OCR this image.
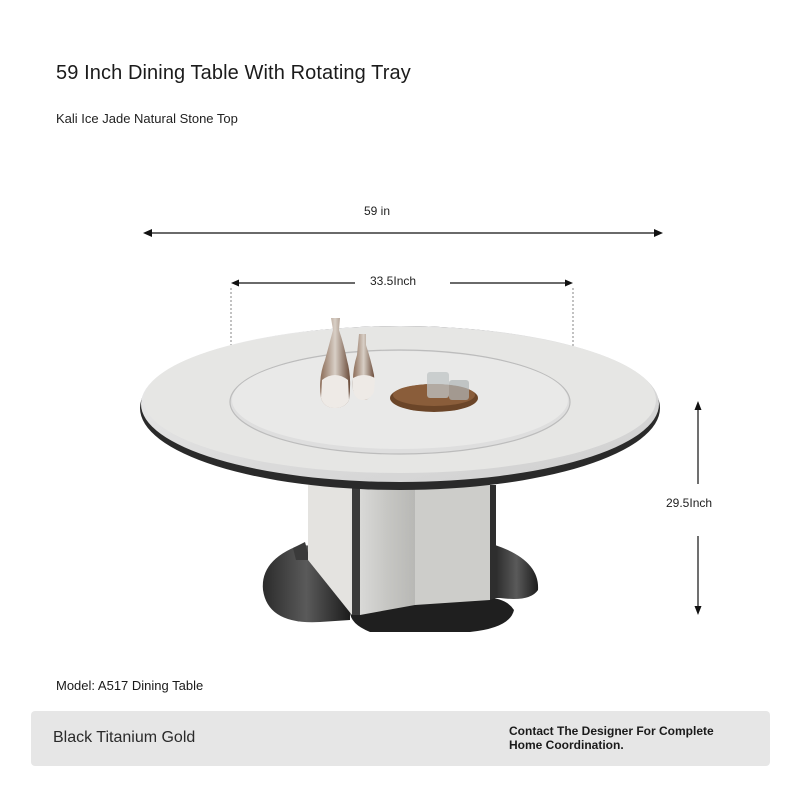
59 Inch Dining Table With Rotating Tray
Kali Ice Jade Natural Stone Top
59 in
33.5Inch
29.5Inch
Model: A517 Dining Table
Black Titanium Gold	Contact The Designer For Complete Home Coordination.
